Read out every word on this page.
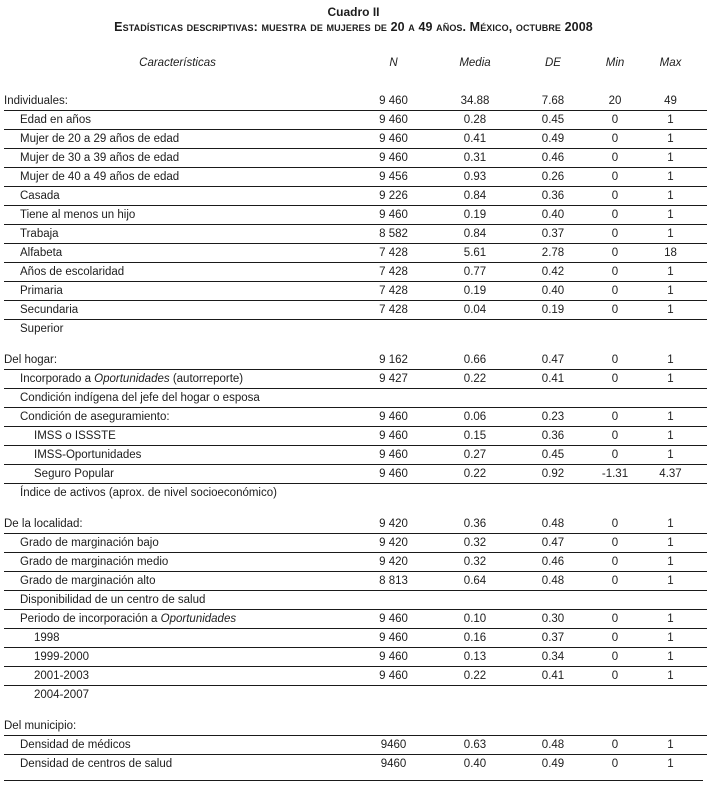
Cuadro II
Estadísticas descriptivas: muestra de mujeres de 20 a 49 años. México, octubre 2008
Características	N	Media	DE	Min	Max
Individuales:	9 460	34.88	7.68	20	49
Edad en años	9 460	0.28	0.45	0	1
Mujer de 20 a 29 años de edad	9 460	0.41	0.49	0	1
Mujer de 30 a 39 años de edad	9 460	0.31	0.46	0	1
Mujer de 40 a 49 años de edad	9 456	0.93	0.26	0	1
Casada	9 226	0.84	0.36	0	1
Tiene al menos un hijo	9 460	0.19	0.40	0	1
Trabaja	8 582	0.84	0.37	0	1
Alfabeta	7 428	5.61	2.78	0	18
Años de escolaridad	7 428	0.77	0.42	0	1
Primaria	7 428	0.19	0.40	0	1
Secundaria	7 428	0.04	0.19	0	1
Superior
Del hogar:	9 162	0.66	0.47	0	1
Incorporado a Oportunidades (autorreporte)	9 427	0.22	0.41	0	1
Condición indígena del jefe del hogar o esposa
Condición de aseguramiento:	9 460	0.06	0.23	0	1
IMSS o ISSSTE	9 460	0.15	0.36	0	1
IMSS-Oportunidades	9 460	0.27	0.45	0	1
Seguro Popular	9 460	0.22	0.92	-1.31	4.37
Índice de activos (aprox. de nivel socioeconómico)
De la localidad:	9 420	0.36	0.48	0	1
Grado de marginación bajo	9 420	0.32	0.47	0	1
Grado de marginación medio	9 420	0.32	0.46	0	1
Grado de marginación alto	8 813	0.64	0.48	0	1
Disponibilidad de un centro de salud
Periodo de incorporación a Oportunidades	9 460	0.10	0.30	0	1
1998	9 460	0.16	0.37	0	1
1999-2000	9 460	0.13	0.34	0	1
2001-2003	9 460	0.22	0.41	0	1
2004-2007
Del municipio:
Densidad de médicos	9460	0.63	0.48	0	1
Densidad de centros de salud	9460	0.40	0.49	0	1
